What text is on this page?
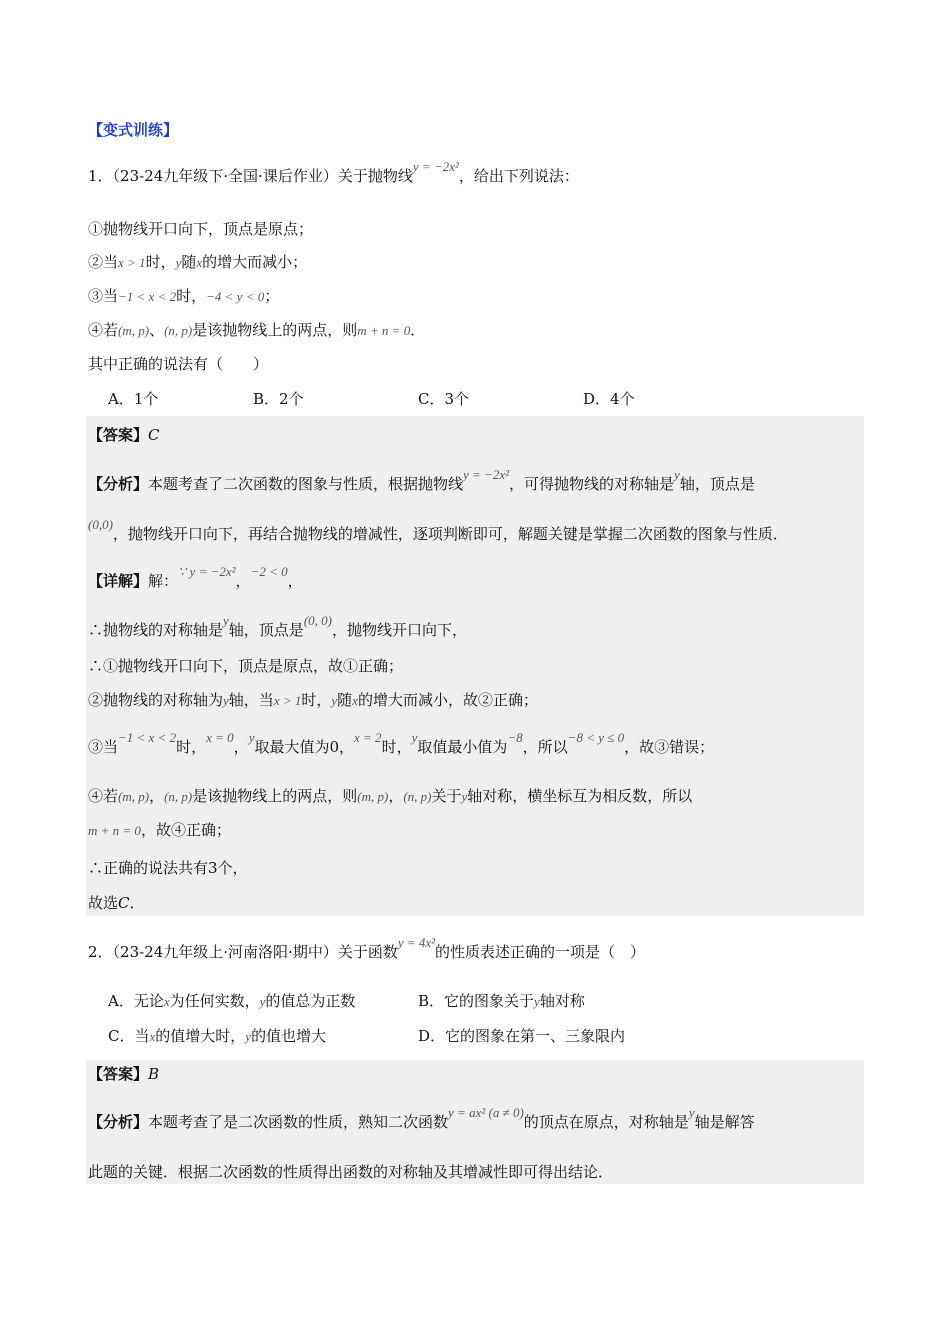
【变式训练】
1．（23-24九年级下·全国·课后作业）关于抛物线y = −2x²，给出下列说法：
①抛物线开口向下，顶点是原点；
②当x > 1时，y随x的增大而减小；
③当−1 < x < 2时，−4 < y < 0；
④若(m, p)、(n, p)是该抛物线上的两点，则m + n = 0．
其中正确的说法有（　　）
A．1个	B．2个	C．3个	D．4个
【答案】C
【分析】本题考查了二次函数的图象与性质，根据抛物线y = −2x²，可得抛物线的对称轴是y轴，顶点是
(0,0)，抛物线开口向下，再结合抛物线的增减性，逐项判断即可，解题关键是掌握二次函数的图象与性质．
【详解】解：∵ y = −2x²，−2 < 0，
∴抛物线的对称轴是y轴，顶点是(0, 0)，抛物线开口向下，
∴①抛物线开口向下，顶点是原点，故①正确；
②抛物线的对称轴为y轴，当x > 1时，y随x的增大而减小，故②正确；
③当−1 < x < 2时，x = 0，y取最大值为0，x = 2时，y取值最小值为−8，所以−8 < y ≤ 0，故③错误；
④若(m, p)，(n, p)是该抛物线上的两点，则(m, p)，(n, p)关于y轴对称，横坐标互为相反数，所以
m + n = 0，故④正确；
∴正确的说法共有3个，
故选C．
2．（23-24九年级上·河南洛阳·期中）关于函数y = 4x²的性质表述正确的一项是（　）
A．无论x为任何实数，y的值总为正数	B．它的图象关于y轴对称
C．当x的值增大时，y的值也增大	D．它的图象在第一、三象限内
【答案】B
【分析】本题考查了是二次函数的性质，熟知二次函数y = ax² (a ≠ 0)的顶点在原点，对称轴是y轴是解答
此题的关键．根据二次函数的性质得出函数的对称轴及其增减性即可得出结论．
